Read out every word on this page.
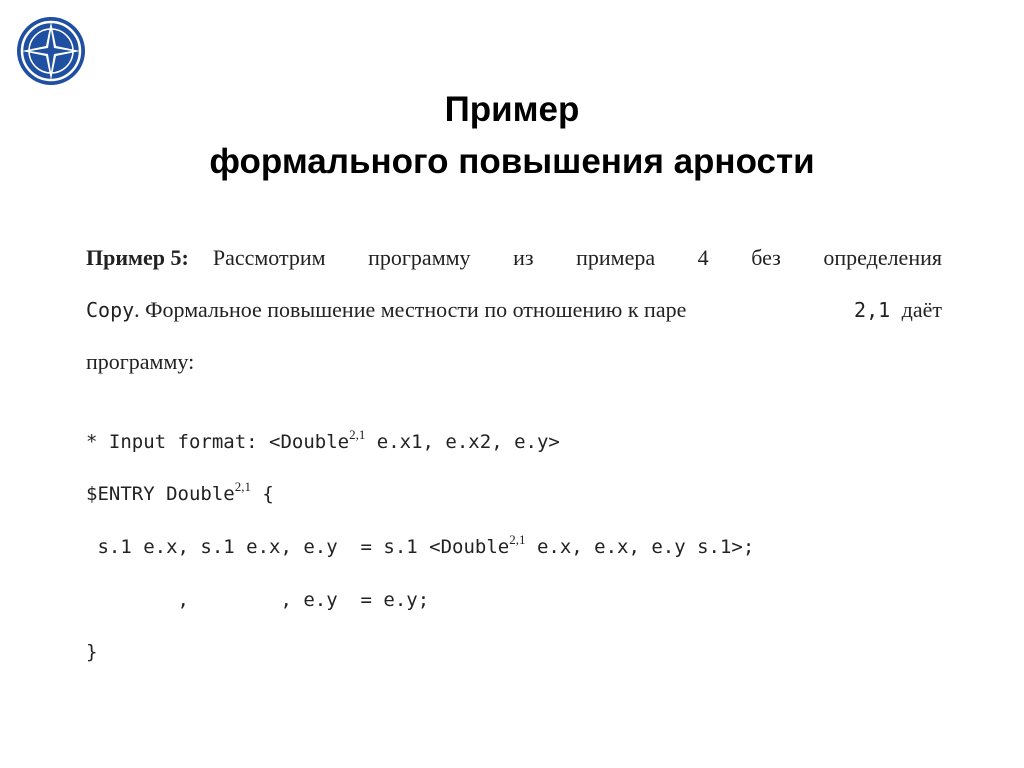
Пример
формального повышения арности
Пример 5: Рассмотрим программу из примера 4 без определения
Copy. Формальное повышение местности по отношению к паре	2,1 даёт
программу:

* Input format: <Double$^{2,1}$ e.x1, e.x2, e.y>

$ENTRY Double$^{2,1}$ {

s.1 e.x, s.1 e.x, e.y  = s.1 <Double$^{2,1}$ e.x, e.x, e.y s.1>;

,        , e.y  = e.y;

}
